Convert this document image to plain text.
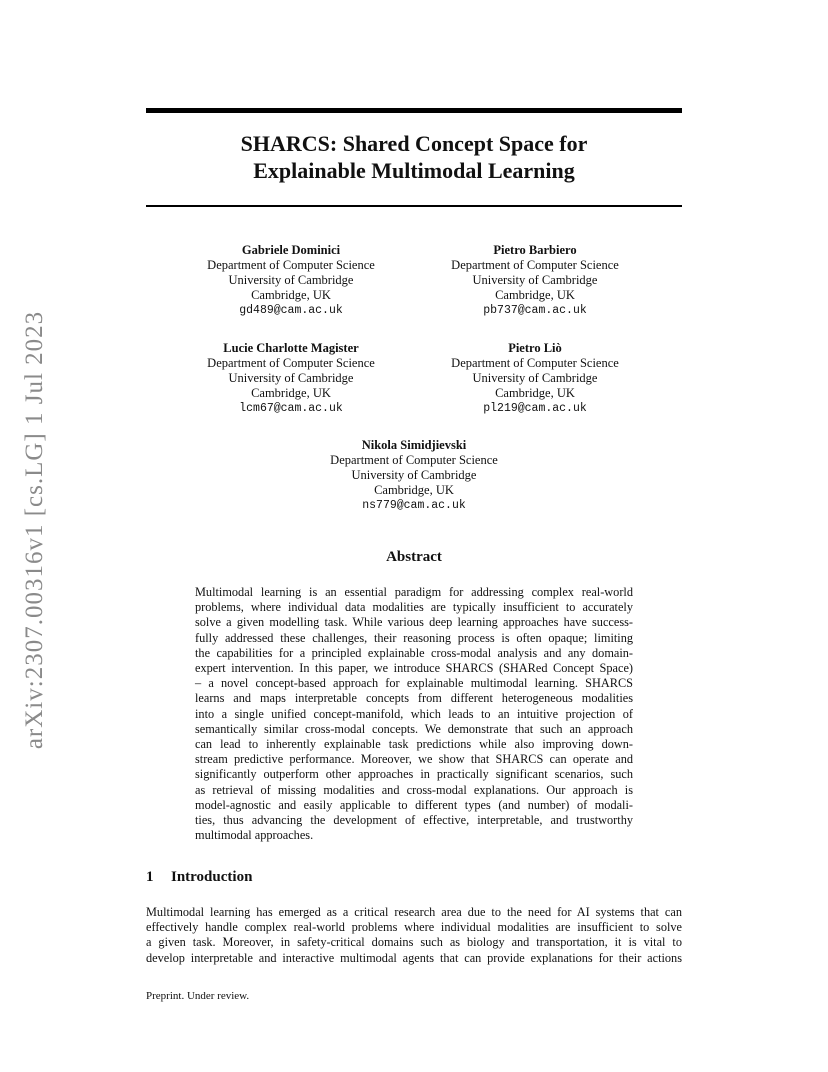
arXiv:2307.00316v1 [cs.LG] 1 Jul 2023
SHARCS: Shared Concept Space for
Explainable Multimodal Learning
Gabriele Dominici
Department of Computer Science
University of Cambridge
Cambridge, UK
gd489@cam.ac.uk
Pietro Barbiero
Department of Computer Science
University of Cambridge
Cambridge, UK
pb737@cam.ac.uk
Lucie Charlotte Magister
Department of Computer Science
University of Cambridge
Cambridge, UK
lcm67@cam.ac.uk
Pietro Liò
Department of Computer Science
University of Cambridge
Cambridge, UK
pl219@cam.ac.uk
Nikola Simidjievski
Department of Computer Science
University of Cambridge
Cambridge, UK
ns779@cam.ac.uk
Abstract

Multimodal learning is an essential paradigm for addressing complex real-world
problems, where individual data modalities are typically insufficient to accurately
solve a given modelling task. While various deep learning approaches have success-
fully addressed these challenges, their reasoning process is often opaque; limiting
the capabilities for a principled explainable cross-modal analysis and any domain-
expert intervention. In this paper, we introduce SHARCS (SHARed Concept Space)
– a novel concept-based approach for explainable multimodal learning. SHARCS
learns and maps interpretable concepts from different heterogeneous modalities
into a single unified concept-manifold, which leads to an intuitive projection of
semantically similar cross-modal concepts. We demonstrate that such an approach
can lead to inherently explainable task predictions while also improving down-
stream predictive performance. Moreover, we show that SHARCS can operate and
significantly outperform other approaches in practically significant scenarios, such
as retrieval of missing modalities and cross-modal explanations. Our approach is
model-agnostic and easily applicable to different types (and number) of modali-
ties, thus advancing the development of effective, interpretable, and trustworthy
multimodal approaches.

1 Introduction

Multimodal learning has emerged as a critical research area due to the need for AI systems that can
effectively handle complex real-world problems where individual modalities are insufficient to solve
a given task. Moreover, in safety-critical domains such as biology and transportation, it is vital to
develop interpretable and interactive multimodal agents that can provide explanations for their actions

Preprint. Under review.
